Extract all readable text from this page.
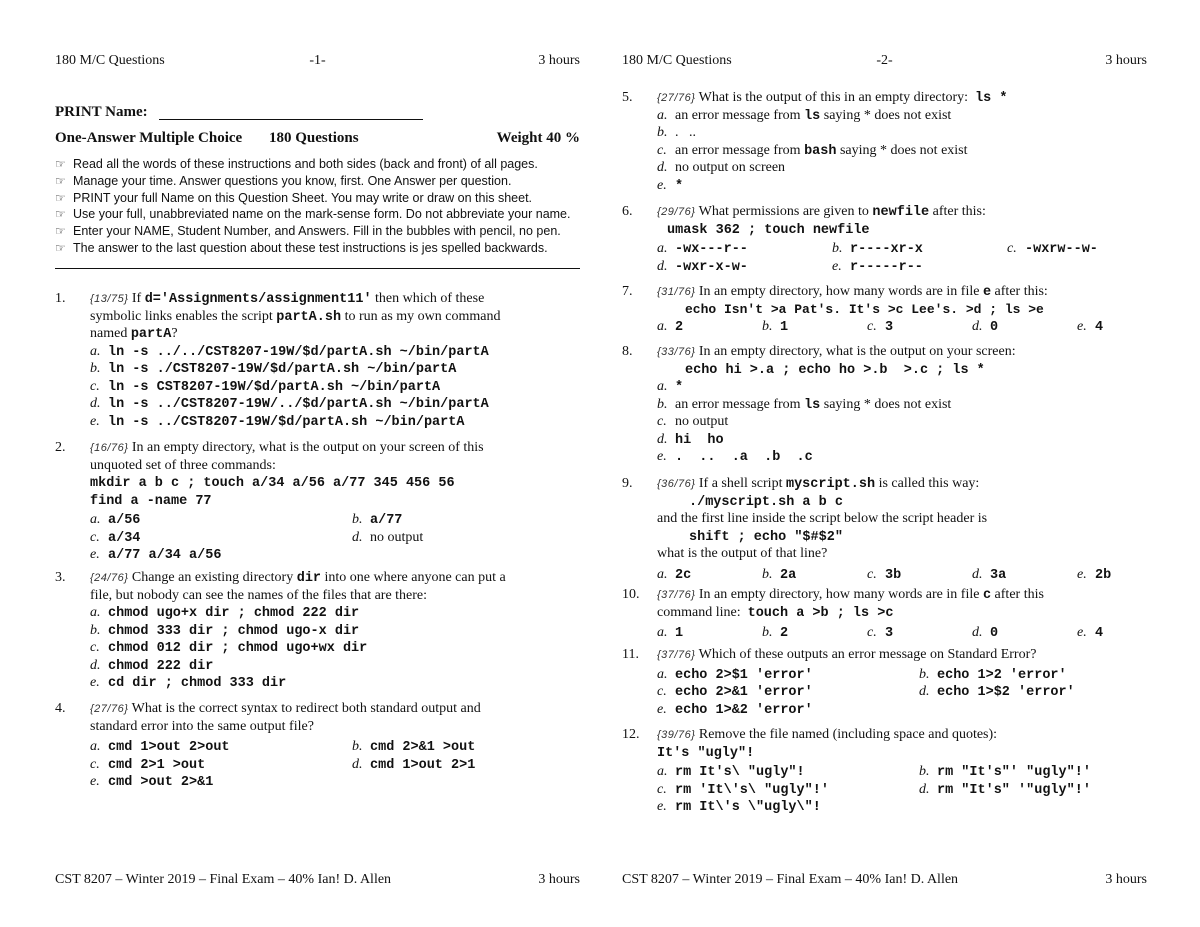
180 M/C Questions	-1-	3 hours
PRINT Name:
One-Answer Multiple Choice 180 Questions	Weight 40 %
☞ Read all the words of these instructions and both sides (back and front) of all pages.
☞ Manage your time. Answer questions you know, first. One Answer per question.
☞ PRINT your full Name on this Question Sheet. You may write or draw on this sheet.
☞ Use your full, unabbreviated name on the mark-sense form. Do not abbreviate your name.
☞ Enter your NAME, Student Number, and Answers. Fill in the bubbles with pencil, no pen.
☞ The answer to the last question about these test instructions is jes spelled backwards.
1. {13/75} If d='Assignments/assignment11' then which of these
symbolic links enables the script partA.sh to run as my own command
named partA?
a. ln -s ../../CST8207-19W/$d/partA.sh ~/bin/partA
b. ln -s ./CST8207-19W/$d/partA.sh ~/bin/partA
c. ln -s CST8207-19W/$d/partA.sh ~/bin/partA
d. ln -s ../CST8207-19W/../$d/partA.sh ~/bin/partA
e. ln -s ../CST8207-19W/$d/partA.sh ~/bin/partA
2. {16/76} In an empty directory, what is the output on your screen of this
unquoted set of three commands:
mkdir a b c ; touch a/34 a/56 a/77 345 456 56
find a -name 77
a. a/56	b. a/77
c. a/34	d. no output
e. a/77 a/34 a/56
3. {24/76} Change an existing directory dir into one where anyone can put a
file, but nobody can see the names of the files that are there:
a. chmod ugo+x dir ; chmod 222 dir
b. chmod 333 dir ; chmod ugo-x dir
c. chmod 012 dir ; chmod ugo+wx dir
d. chmod 222 dir
e. cd dir ; chmod 333 dir
4. {27/76} What is the correct syntax to redirect both standard output and
standard error into the same output file?
a. cmd 1>out 2>out	b. cmd 2>&1 >out
c. cmd 2>1 >out	d. cmd 1>out 2>1
e. cmd >out 2>&1
CST 8207 – Winter 2019 – Final Exam – 40% Ian! D. Allen	3 hours
180 M/C Questions	-2-	3 hours
5. {27/76} What is the output of this in an empty directory: ls *
a. an error message from ls saying * does not exist
b. .   ..
c. an error message from bash saying * does not exist
d. no output on screen
e. *
6. {29/76} What permissions are given to newfile after this:
umask 362 ; touch newfile
a. -wx---r--	b. r----xr-x	c. -wxrw--w-
d. -wxr-x-w-	e. r-----r--
7. {31/76} In an empty directory, how many words are in file e after this:
echo Isn't >a Pat's. It's >c Lee's. >d ; ls >e
a. 2	b. 1	c. 3	d. 0	e. 4
8. {33/76} In an empty directory, what is the output on your screen:
echo hi >.a ; echo ho >.b  >.c ; ls *
a. *
b. an error message from ls saying * does not exist
c. no output
d. hi  ho
e. .  ..  .a  .b  .c
9. {36/76} If a shell script myscript.sh is called this way:
./myscript.sh a b c
and the first line inside the script below the script header is
shift ; echo "$#$2"
what is the output of that line?
a. 2c	b. 2a	c. 3b	d. 3a	e. 2b
10. {37/76} In an empty directory, how many words are in file c after this
command line:  touch a >b ; ls >c
a. 1	b. 2	c. 3	d. 0	e. 4
11. {37/76} Which of these outputs an error message on Standard Error?
a. echo 2>$1 'error'	b. echo 1>2 'error'
c. echo 2>&1 'error'	d. echo 1>$2 'error'
e. echo 1>&2 'error'
12. {39/76} Remove the file named (including space and quotes):
It's "ugly"!
a. rm It's\ "ugly"!	b. rm "It's"' "ugly"!'
c. rm 'It\'s\ "ugly"!'	d. rm "It's" '"ugly"!'
e. rm It\'s \"ugly\"!
CST 8207 – Winter 2019 – Final Exam – 40% Ian! D. Allen	3 hours
